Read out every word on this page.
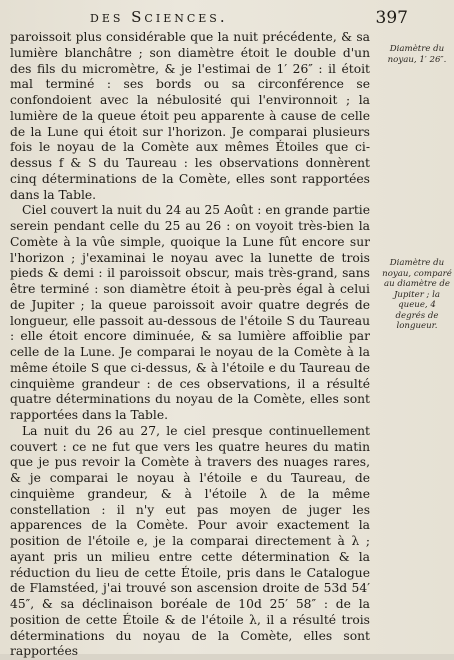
des Sciences.	397

paroissoit plus considérable que la nuit précédente, & sa lumière blanchâtre ; son diamètre étoit le double d'un des fils du micromètre, & je l'estimai de 1′ 26″ : il étoit mal terminé : ses bords ou sa circonférence se confondoient avec la nébulosité qui l'environnoit ; la lumière de la queue étoit peu apparente à cause de celle de la Lune qui étoit sur l'horizon. Je comparai plusieurs fois le noyau de la Comète aux mêmes Étoiles que ci-dessus f & S du Taureau : les observations donnèrent cinq déterminations de la Comète, elles sont rapportées dans la Table.

Ciel couvert la nuit du 24 au 25 Août : en grande partie serein pendant celle du 25 au 26 : on voyoit très-bien la Comète à la vûe simple, quoique la Lune fût encore sur l'horizon ; j'examinai le noyau avec la lunette de trois pieds & demi : il paroissoit obscur, mais très-grand, sans être terminé : son diamètre étoit à peu-près égal à celui de Jupiter ; la queue paroissoit avoir quatre degrés de longueur, elle passoit au-dessous de l'étoile S du Taureau : elle étoit encore diminuée, & sa lumière affoiblie par celle de la Lune. Je comparai le noyau de la Comète à la même étoile S que ci-dessus, & à l'étoile e du Taureau de cinquième grandeur : de ces observations, il a résulté quatre déterminations du noyau de la Comète, elles sont rapportées dans la Table.

La nuit du 26 au 27, le ciel presque continuellement couvert : ce ne fut que vers les quatre heures du matin que je pus revoir la Comète à travers des nuages rares, & je comparai le noyau à l'étoile e du Taureau, de cinquième grandeur, & à l'étoile λ de la même constellation : il n'y eut pas moyen de juger les apparences de la Comète. Pour avoir exactement la position de l'étoile e, je la comparai directement à λ ; ayant pris un milieu entre cette détermination & la réduction du lieu de cette Étoile, pris dans le Catalogue de Flamstéed, j'ai trouvé son ascension droite de 53d 54′ 45″, & sa déclinaison boréale de 10d 25′ 58″ : de la position de cette Étoile & de l'étoile λ, il a résulté trois déterminations du noyau de la Comète, elles sont rapportées

Diamètre du noyau, 1′ 26″.
Diamètre du noyau, comparé au diamètre de Jupiter ; la queue, 4 degrés de longueur.
